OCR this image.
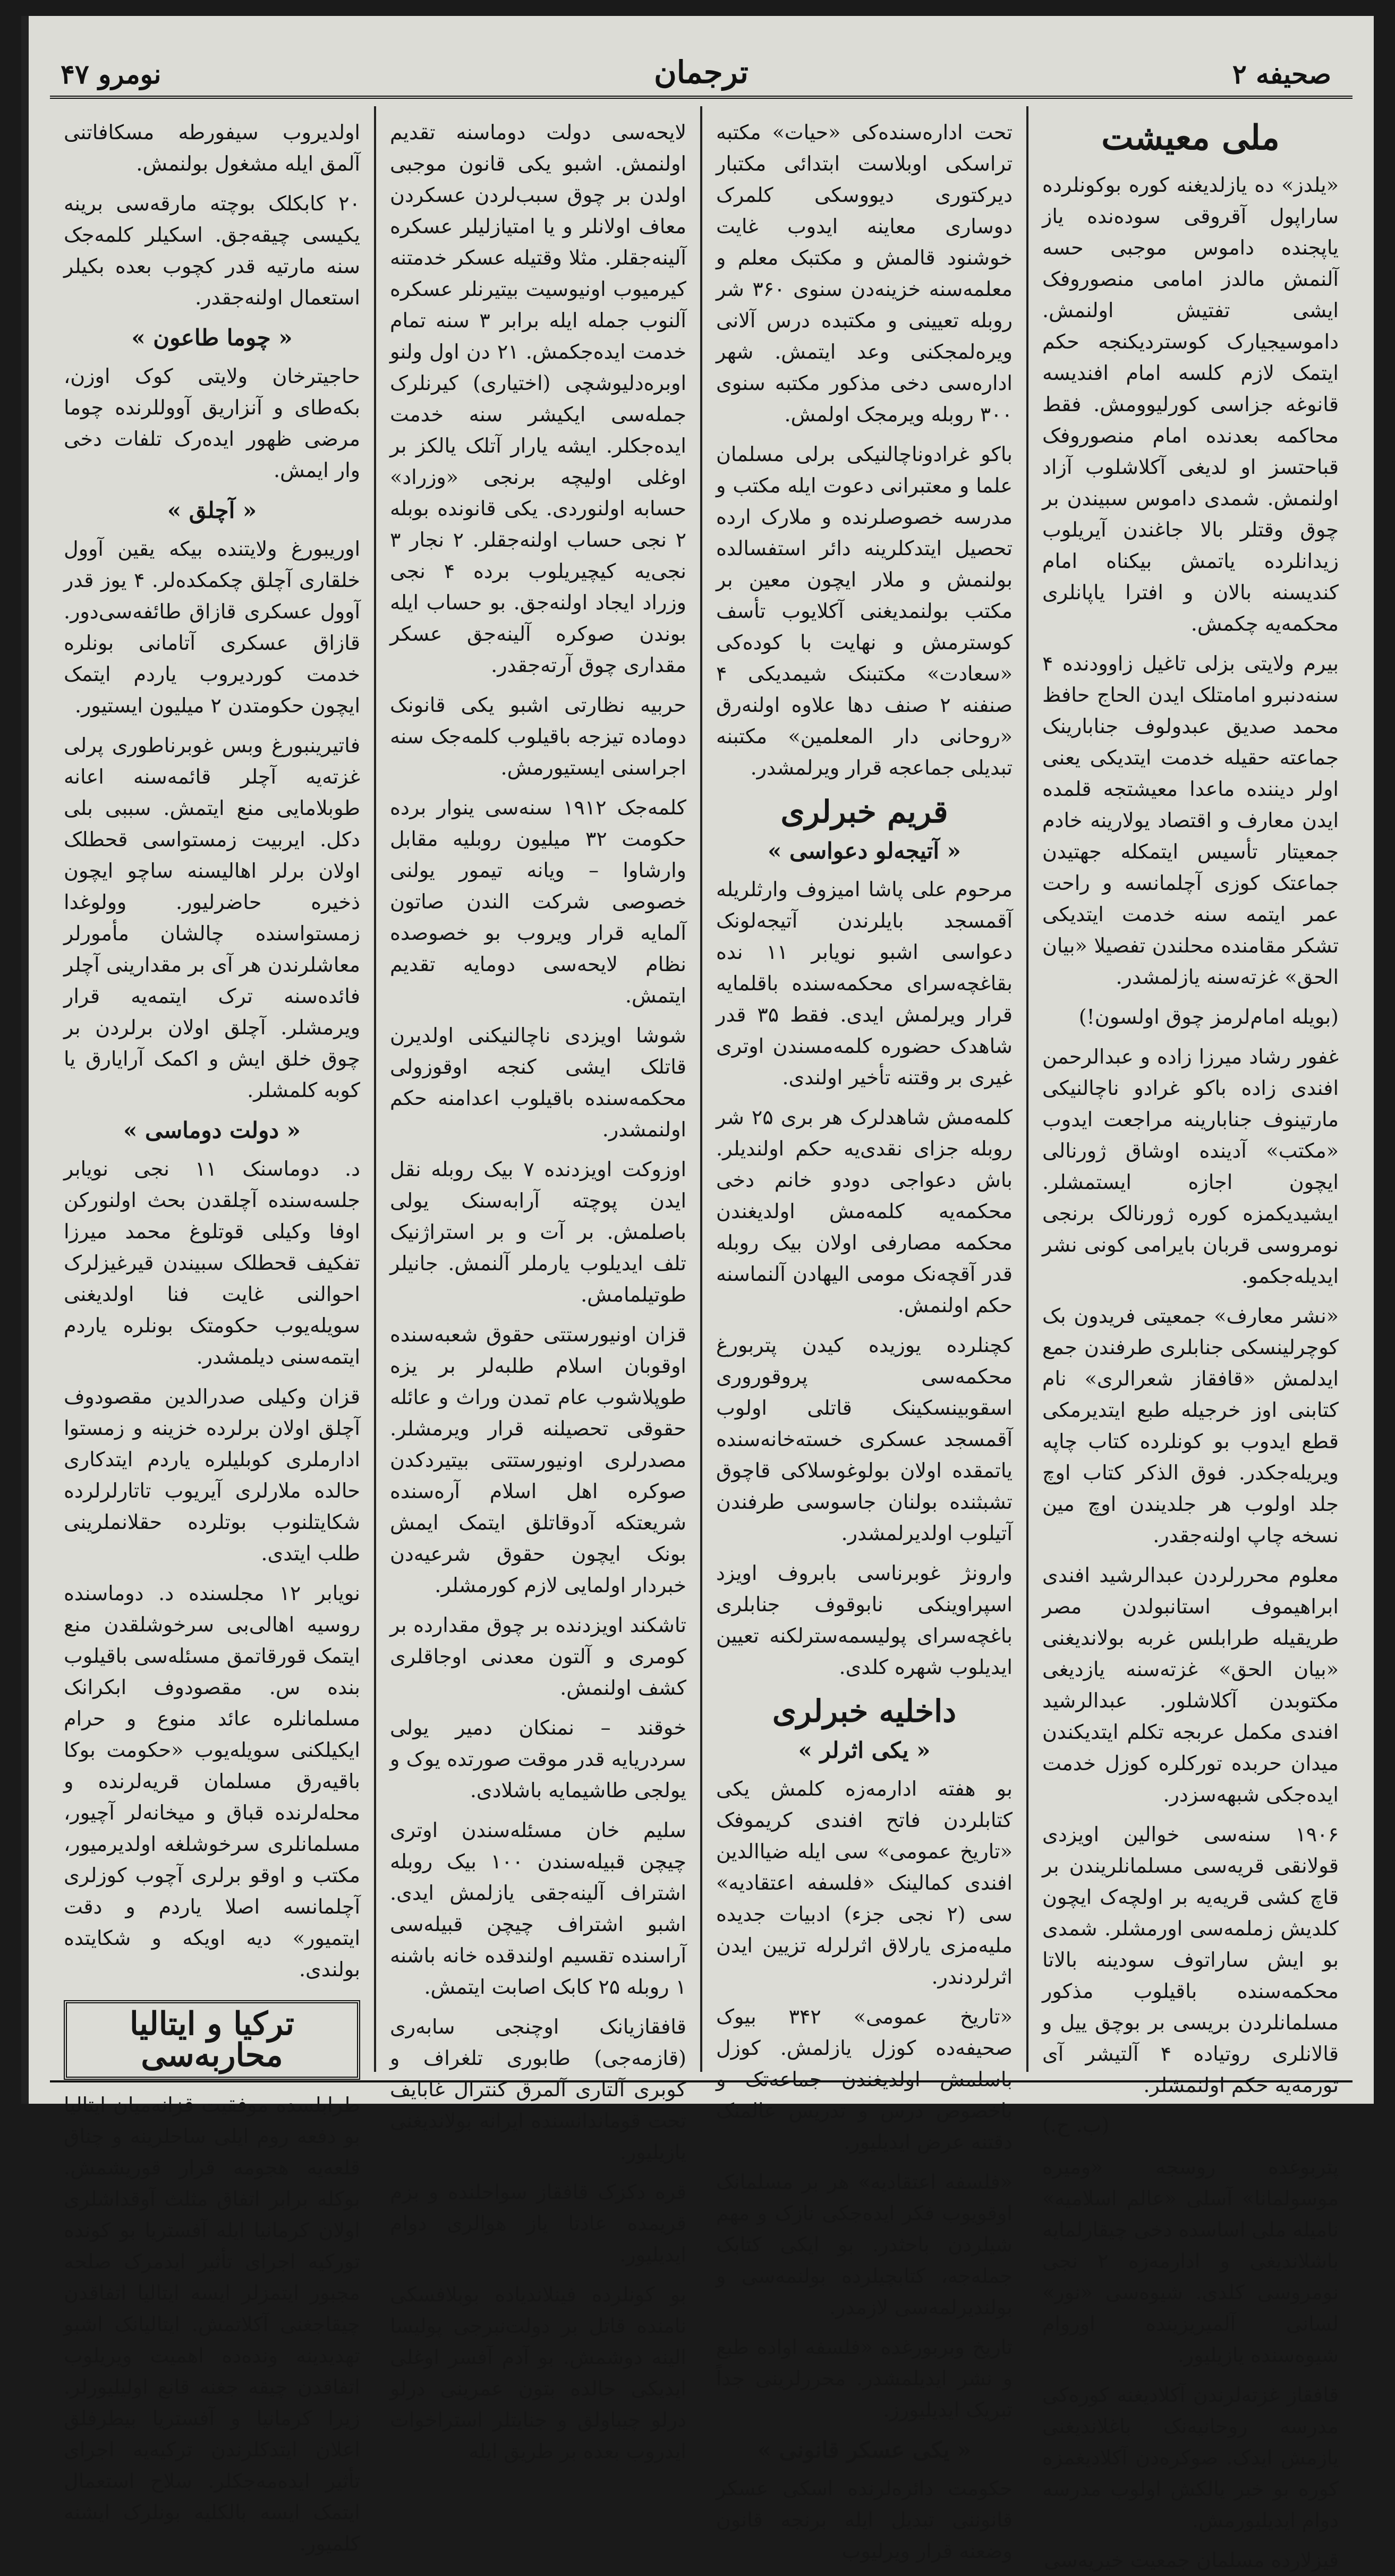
صحیفه ۲
ترجمان
نومرو ۴۷
ملی معیشت

«یلدز» ده یازلدیغنه کوره بوکونلرده ساراپول آقروقی سوده‌نده یاز یاپجنده داموس موجبی حسه آلنمش مالدز امامی منصوروفک ایشی تفتیش اولنمش. داموسیجیارک کوستردیکنجه حکم ایتمک لازم کلسه امام افندیسه قانوغه جزاسی کورلیوومش. فقط محاکمه بعدنده امام منصوروفک قباحتسز او لدیغی آکلاشلوب آزاد اولنمش. شمدی داموس سبیندن بر چوق وقتلر بالا جاغندن آیریلوب زیدانلرده یاتمش بیکناه امام کندیسنه بالان و افترا یاپانلری محکمه‌یه چکمش.

بیرم ولایتی بزلی تاغیل زاوودنده ۴ سنه‌دنبرو امامتلک ایدن الحاج حافظ محمد صدیق عبدولوف جنابارینک جماعته حقیله خدمت ایتدیکی یعنی اولر دیننده ماعدا معیشتجه قلمده ایدن معارف و اقتصاد یولارینه خادم جمعیتار تأسیس ایتمکله جهتیدن جماعتک کوزی آچلمانسه و راحت عمر ایتمه سنه خدمت ایتدیکی تشکر مقامنده محلندن تفصیلا «بیان الحق» غزته‌سنه یازلمشدر.

(بویله امام‌لرمز چوق اولسون!)

غفور رشاد میرزا زاده و عبدالرحمن افندی زاده باکو غرادو ناچالنیکی مارتینوف جنابارینه مراجعت ایدوب «مکتب» آدینده اوشاق ژورنالی ایچون اجازه ایستمشلر. ایشیدیکمزه کوره ژورنالک برنجی نومروسی قربان بایرامی کونی نشر ایدیله‌جکمو.

«نشر معارف» جمعیتی فریدون بک کوچرلینسکی جنابلری طرفندن جمع ایدلمش «قافقاز شعرالری» نام کتابنی اوز خرجیله طبع ایتدیرمکی قطع ایدوب بو کونلرده کتاب چاپه ویریله‌جکدر. فوق الذکر کتاب اوچ جلد اولوب هر جلدیندن اوچ مین نسخه چاپ اولنه‌جقدر.

معلوم محررلردن عبدالرشید افندی ابراهیموف استانبولدن مصر طریقیله طرابلس غربه بولاندیغنی «بیان الحق» غزته‌سنه یازدیغی مکتوبدن آکلاشلور. عبدالرشید افندی مکمل عربجه تکلم ایتدیکندن میدان حربده تورکلره کوزل خدمت ایده‌جکی شبهه‌سزدر.

۱۹۰۶ سنه‌سی خوالین اویزدی قولانقی قریه‌سی مسلمانلریندن بر قاچ کشی قریه‌یه بر اولچه‌ک ایچون کلدیش زملمه‌سی اورمشلر. شمدی بو ایش ساراتوف سودینه بالاتا محکمه‌سنده باقیلوب مذکور مسلمانلردن بریسی بر بوچق ییل و قالانلری روتیاده ۴ آلتیشر آی تورمه‌یه حکم اولنمشلر.

(ب. ح.)

پتربوغده روسجه «ومیره موسولمانا» آسلی «عالم اسلامیه» نامیله ملی اساسده دخی چیقارلمایه باشلاندیغی و ادارمه‌زه ۲ نجی نومروسی کلدی. شیوه‌سی «نور» لسانی آلمیریزینده اوروام شیوه‌سنده یازیلیور.

قافقاز غزته‌لرندن آکلادیغنه کوره‌کی مدرسه روحانیه‌نک باغلاندیغنی یازمش ایدک. صوکره‌دن آکلادیغمزه کوره بو خبر یالکش اولوب مدرسه دوام ایدیلیورمش.

قیزلارده مسلمان جمعیت خیریه‌سی

تحت اداره‌سنده‌کی «حیات» مکتبه تراسکی اوبلاست ابتدائی مکتبار دیرکتوری دیووسکی کلمرک دوساری معاینه ایدوب غایت خوشنود قالمش و مکتبک معلم و معلمه‌سنه خزینه‌دن سنوی ۳۶۰ شر روبله تعیینی و مکتبده درس آلانی ویره‌لمجکنی وعد ایتمش. شهر اداره‌سی دخی مذکور مکتبه سنوی ۳۰۰ روبله ویرمجک اولمش.

باکو غرادوناچالنیکی برلی مسلمان علما و معتبرانی دعوت ایله مکتب و مدرسه خصوصلرنده و ملارک ارده تحصیل ایتدکلرینه دائر استفسالده بولنمش و ملار ایچون معین بر مکتب بولنمدیغنی آکلایوب تأسف کوسترمش و نهایت با کوده‌کی «سعادت» مکتبنک شیمدیکی ۴ صنفنه ۲ صنف دها علاوه اولنه‌رق «روحانی دار المعلمین» مکتبنه تبدیلی جماعجه قرار ویرلمشدر.

قریم خبرلری
« آتیجه‌لو دعواسی »

مرحوم علی پاشا امیزوف وارثلریله آقمسجد بایلرندن آتیجه‌لونک دعواسی اشبو نویابر ۱۱ نده بقاغچه‌سرای محکمه‌سنده باقلمایه قرار ویرلمش ایدی. فقط ۳۵ قدر شاهدک حضوره کلمه‌مسندن اوتری غیری بر وقتنه تأخیر اولندی.

کلمه‌مش شاهدلرک هر بری ۲۵ شر روبله جزای نقدی‌یه حکم اولندیلر. باش دعواجی دودو خانم دخی محکمه‌یه کلمه‌مش اولدیغندن محکمه مصارفی اولان بیک روبله قدر آقچه‌نک مومی الیهادن آلنماسنه حکم اولنمش.

کچنلرده یوزیده کیدن پتربورغ محکمه‌سی پروقوروری اسقوبینسکینک قاتلی اولوب آقمسجد عسکری خسته‌خانه‌سنده یاتمقده اولان بولوغوسلاکی قاچوق تشبثنده بولنان جاسوسی طرفندن آتیلوب اولدیرلمشدر.

وارونژ غوبرناسی بابروف اویزد اسپراوینکی نابوقوف جنابلری باغچه‌سرای پولیسمه‌سترلکنه تعیین ایدیلوب شهره کلدی.

داخلیه خبرلری
« یکی اثرلر »

بو هفته ادارمه‌زه کلمش یکی کتابلردن فاتح افندی کریموفک «تاریخ عمومی» سی ایله ضیاالدین افندی کمالینک «فلسفه اعتقادیه» سی (۲ نجی جزء) ادبیات جدیده ملیه‌مزی یارلاق اثرلرله تزیین ایدن اثرلردندر.

«تاریخ عمومی» ۳۴۲ بیوک صحیفه‌ده کوزل یازلمش. کوزل باسلمش اولدیغندن جماعه‌تک و باخصوص درس و تدریس عالمنک دقتنه عرض ایدیلیور.

«فلسفه اعتقادیه» هر بر مسلمانک اوقویوب فکر ایده‌جکی نازک و مهم شیلردن باحثدر. بو ایکی کتابک جمله‌جه، کتابچیلرده بولنمه‌سی و بولندیرلمه‌سی لازمدر.

تاریخ وبربورغده «فلسفه اواده طبع و نشر ایدیلمشدر. محررلرینی جداً تبریک ایدیلیورز.

« یکی عسکر قانونی »

حکومت دائره‌لرنده اسکی عسکر قانوننی تبدیل ایله برنجه قانون وضعنه قرار ویرلیوب

لایحه‌سی دولت دوماسنه تقدیم اولنمش. اشبو یکی قانون موجبی اولدن بر چوق سبب‌لردن عسکردن معاف اولانلر و یا امتیازلیلر عسکره آلینه‌جقلر. مثلا وقتیله عسکر خدمتنه کیرمیوب اونیوسیت بیتیرنلر عسکره آلنوب جمله ایله برابر ۳ سنه تمام خدمت ایده‌جکمش. ۲۱ دن اول ولنو اوبره‌دلیوشچی (اختیاری) کیرنلرک جمله‌سی ایکیشر سنه خدمت ایده‌جکلر. ایشه یارار آتلک یالکز بر اوغلی اولیچه برنجی «وزراد» حسابه اولنوردی. یکی قانونده بوبله ۲ نجی حساب اولنه‌جقلر. ۲ نجار ۳ نجی‌یه کیچیریلوب برده ۴ نجی وزراد ایجاد اولنه‌جق. بو حساب ایله بوندن صوکره آلینه‌جق عسکر مقداری چوق آرته‌جقدر.

حربیه نظارتی اشبو یکی قانونک دوماده تیزجه باقیلوب کلمه‌جک سنه اجراسنی ایستیورمش.

کلمه‌جک ۱۹۱۲ سنه‌سی ینوار برده حکومت ۳۲ میلیون روبلیه مقابل وارشاوا – ویانه تیمور یولنی خصوصی شرکت الندن صاتون آلمایه قرار ویروب بو خصوصده نظام لایحه‌سی دومایه تقدیم ایتمش.

شوشا اویزدی ناچالنیکنی اولدیرن قاتلک ایشی کنجه اوقوزولی محکمه‌سنده باقیلوب اعدامنه حکم اولنمشدر.

اوزوکت اویزدنده ۷ بیک روبله نقل ایدن پوچته آرابه‌سنک یولی باصلمش. بر آت و بر استراژنیک تلف ایدیلوب یارملر آلنمش. جانیلر طوتیلمامش.

قزان اونیورستتی حقوق شعبه‌سنده اوقوبان اسلام طلبه‌لر بر یزه طوپلاشوب عام تمدن وراث و عائله حقوقی تحصیلنه قرار ویرمشلر. مصدرلری اونیورستتی بیتیردکدن صوکره اهل اسلام آره‌سنده شریعتکه آدوقاتلق ایتمک ایمش بونک ایچون حقوق شرعیه‌دن خبردار اولمایی لازم کورمشلر.

تاشکند اویزدنده بر چوق مقدارده بر کومری و آلتون معدنی اوجاقلری کشف اولنمش.

خوقند – نمنکان دمیر یولی سردریایه قدر موقت صورتده یوک و یولجی طاشیمایه باشلادی.

سلیم خان مسئله‌سندن اوتری چیچن قبیله‌سندن ۱۰۰ بیک روبله اشتراف آلینه‌جقی یازلمش ایدی. اشبو اشتراف چیچن قبیله‌سی آراسنده تقسیم اولندقده خانه باشنه ۱ روبله ۲۵ کابک اصابت ایتمش.

قافقازیانک اوچنجی سابه‌ری (قازمه‌جی) طابوری تلغراف و کوبری آلتاری آلمرق کنترال غابایف تحت قوماندانسنده ایرانه بولاندیغنی یازیلیور.

قره دکزک قافقاز سواحلنده و بزم قریمده عادتا یاز هوالری دوام ایدیلیور.

بو کونلرده فینلاندیاده بوبلافسکی نامنده قاتل بر دولت‌نبرجی پولیسا الینه دوشمش. بو آدم آفسر اوغلی ایدیکی حالده بتون عمرینی درلو درلو چیباولق و جنایتلر استراخوات ایدروب بعده بر طریق ایله

اولدیروب سیفورطه مسکافاتنی آلمق ایله مشغول بولنمش.

۲۰ کابکلک بوچته مارقه‌سی برینه یکیسی چیقه‌جق. اسکیلر کلمه‌جک سنه مارتیه قدر کچوب بعده بکیلر استعمال اولنه‌جقدر.

« چوما طاعون »

حاجیترخان ولایتی کوک اوزن، بکه‌طای و آنزاریق آووللرنده چوما مرضی ظهور ایده‌رک تلفات دخی وار ایمش.

« آچلق »

اوریبورغ ولایتنده بیکه یقین آوول خلقاری آچلق چکمکده‌لر. ۴ یوز قدر آوول عسکری قازاق طائفه‌سی‌دور. قازاق عسکری آتامانی بونلره خدمت کوردیروب یاردم ایتمک ایچون حکومتدن ۲ میلیون ایستیور.

فاتیرینبورغ وبس غوبرناطوری پرلی غزته‌یه آچلر قائمه‌سنه اعانه طوبلامایی منع ایتمش. سببی بلی دکل. ایربیت زمستواسی قحطلک اولان برلر اهالیسنه ساچو ایچون ذخیره حاضرلیور. وولوغدا زمستواسنده چالشان مأمورلر معاشلرندن هر آی بر مقدارینی آچلر فائده‌سنه ترک ایتمه‌یه قرار ویرمشلر. آچلق اولان برلردن بر چوق خلق ایش و اکمک آرایارق یا کوبه کلمشلر.

« دولت دوماسی »

د. دوماسنک ۱۱ نجی نویابر جلسه‌سنده آچلقدن بحث اولنورکن اوفا وکیلی قوتلوغ محمد میرزا تفکیف قحطلک سبیندن قیرغیزلرک احوالنی غایت فنا اولدیغنی سویله‌یوب حکومتک بونلره یاردم ایتمه‌سنی دیلمشدر.

قزان وکیلی صدرالدین مقصودوف آچلق اولان برلرده خزینه و زمستوا ادارملری کوبلیلره یاردم ایتدکاری حالده ملارلری آیریوب تاتارلرلرده شکایتلنوب بوتلرده حقلانملرینی طلب ایتدی.

نویابر ۱۲ مجلسنده د. دوماسنده روسیه اهالی‌بی سرخوشلقدن منع ایتمک قورقاتمق مسئله‌سی باقیلوب بنده س. مقصودوف ابکرانک مسلمانلره عائد منوع و حرام ایکیلکنی سویله‌یوب «حکومت بوکا باقیه‌رق مسلمان قریه‌لرنده و محله‌لرنده قباق و میخانه‌لر آچیور، مسلمانلری سرخوشلغه اولدیرمیور، مکتب و اوقو برلری آچوب کوزلری آچلمانسه اصلا یاردم و دقت ایتمیور» دیه اویکه و شکایتده بولندی.

ترکیا و ایتالیا محاربه‌سی

طرابلسده موفقیت قزانه‌میان ایتالیا بو دفعه روم ایلی ساحلرینه و چناق قلعه‌یه هجومه قرار قوریشمش. بوکله برابر اتفاق مثلث آوقداشلری اولان کرمانیا ایله آفستریا بو کونده تورکیه اجرای تأثیر ایدمرک صلحه مجبور ایتمزلر ایسه ایتالیا اتفاقدن چیقاجغنی آکلاتمش. ایتالیانک اشبو تهدیدینه ونده‌ده اهمیت ویریلوب اتفاقدن چیقه جغنه قانع اولیلیورلر. زیرا کرمانیا و آفستریا بیطرفلق اعلان ایتدکلرندن ترکیه‌یه اجرای تأثیر ایده‌مه‌جکلر. سلاح استعمال ایتمک ایسه بالکلیه بونلرک ایشنه کلمیور.
